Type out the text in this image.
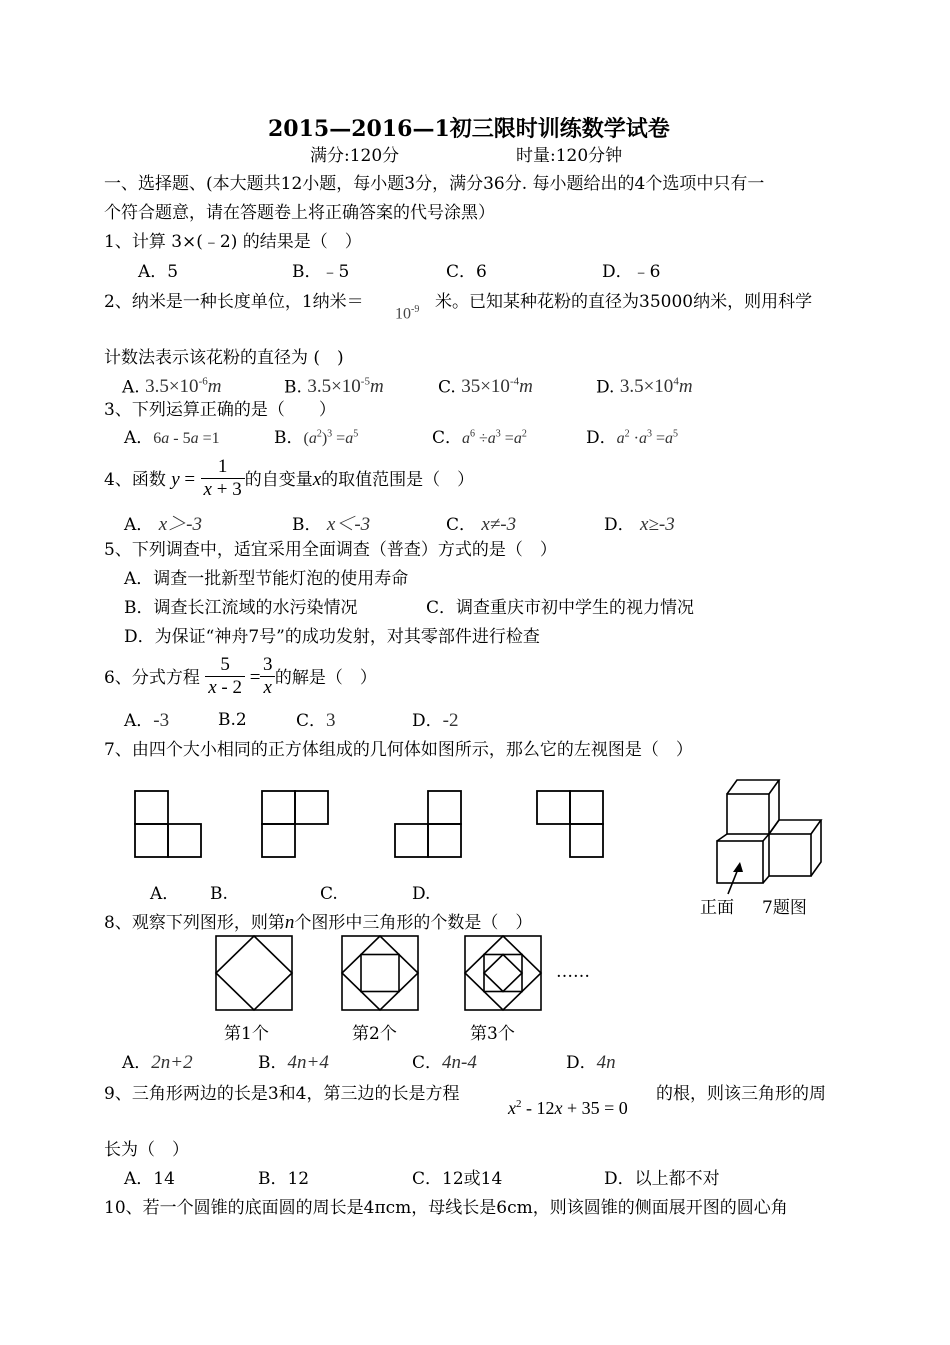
2015—2016—1初三限时训练数学试卷
满分:120分	时量:120分钟
一、选择题、(本大题共12小题，每小题3分，满分36分. 每小题给出的4个选项中只有一
个符合题意，请在答题卷上将正确答案的代号涂黑）
1、计算 3×(﹣2) 的结果是（　）
A．5	B．﹣5	C．6	D．﹣6
2、纳米是一种长度单位，1纳米＝
$10^{-9}$ 米。已知某种花粉的直径为35000纳米，则用科学
计数法表示该花粉的直径为 (　)
A. $3.5\times 10^{-6}m$	B. $3.5\times 10^{-5}m$	C. $35\times 10^{-4}m$	D. $3.5\times 10^4m$
3、下列运算正确的是（　　）
A．6a - 5a =1	B．$(a^2)^3 =a^5$	C．$a^6 \div a^3 =a^2$	D．$a^2 \cdot a^3 =a^5$
4、函数 $y = \frac{1}{x + 3}$ 的自变量x的取值范围是（　）
A． x＞-3	B． x＜-3	C． x≠-3	D． x≥-3
5、下列调查中，适宜采用全面调查（普查）方式的是（　）
A．调查一批新型节能灯泡的使用寿命
B．调查长江流域的水污染情况	C．调查重庆市初中学生的视力情况
D．为保证“神舟7号”的成功发射，对其零部件进行检查
6、分式方程 $\frac{5}{x - 2} = \frac{3}{x}$ 的解是（　）
A．-3	B.2	C．3	D．-2
7、由四个大小相同的正方体组成的几何体如图所示，那么它的左视图是（　）
A． B.	C.	D.
正面 7题图
8、观察下列图形，则第n个图形中三角形的个数是（　）
……
第1个	第2个	第3个
A．2n+2	B．4n+4	C．4n-4	D．4n
9、三角形两边的长是3和4，第三边的长是方程
$x^2 - 12x + 35 = 0$
的根，则该三角形的周
长为（　）
A．14	B．12	C．12或14	D．以上都不对
10、若一个圆锥的底面圆的周长是4πcm，母线长是6cm，则该圆锥的侧面展开图的圆心角
